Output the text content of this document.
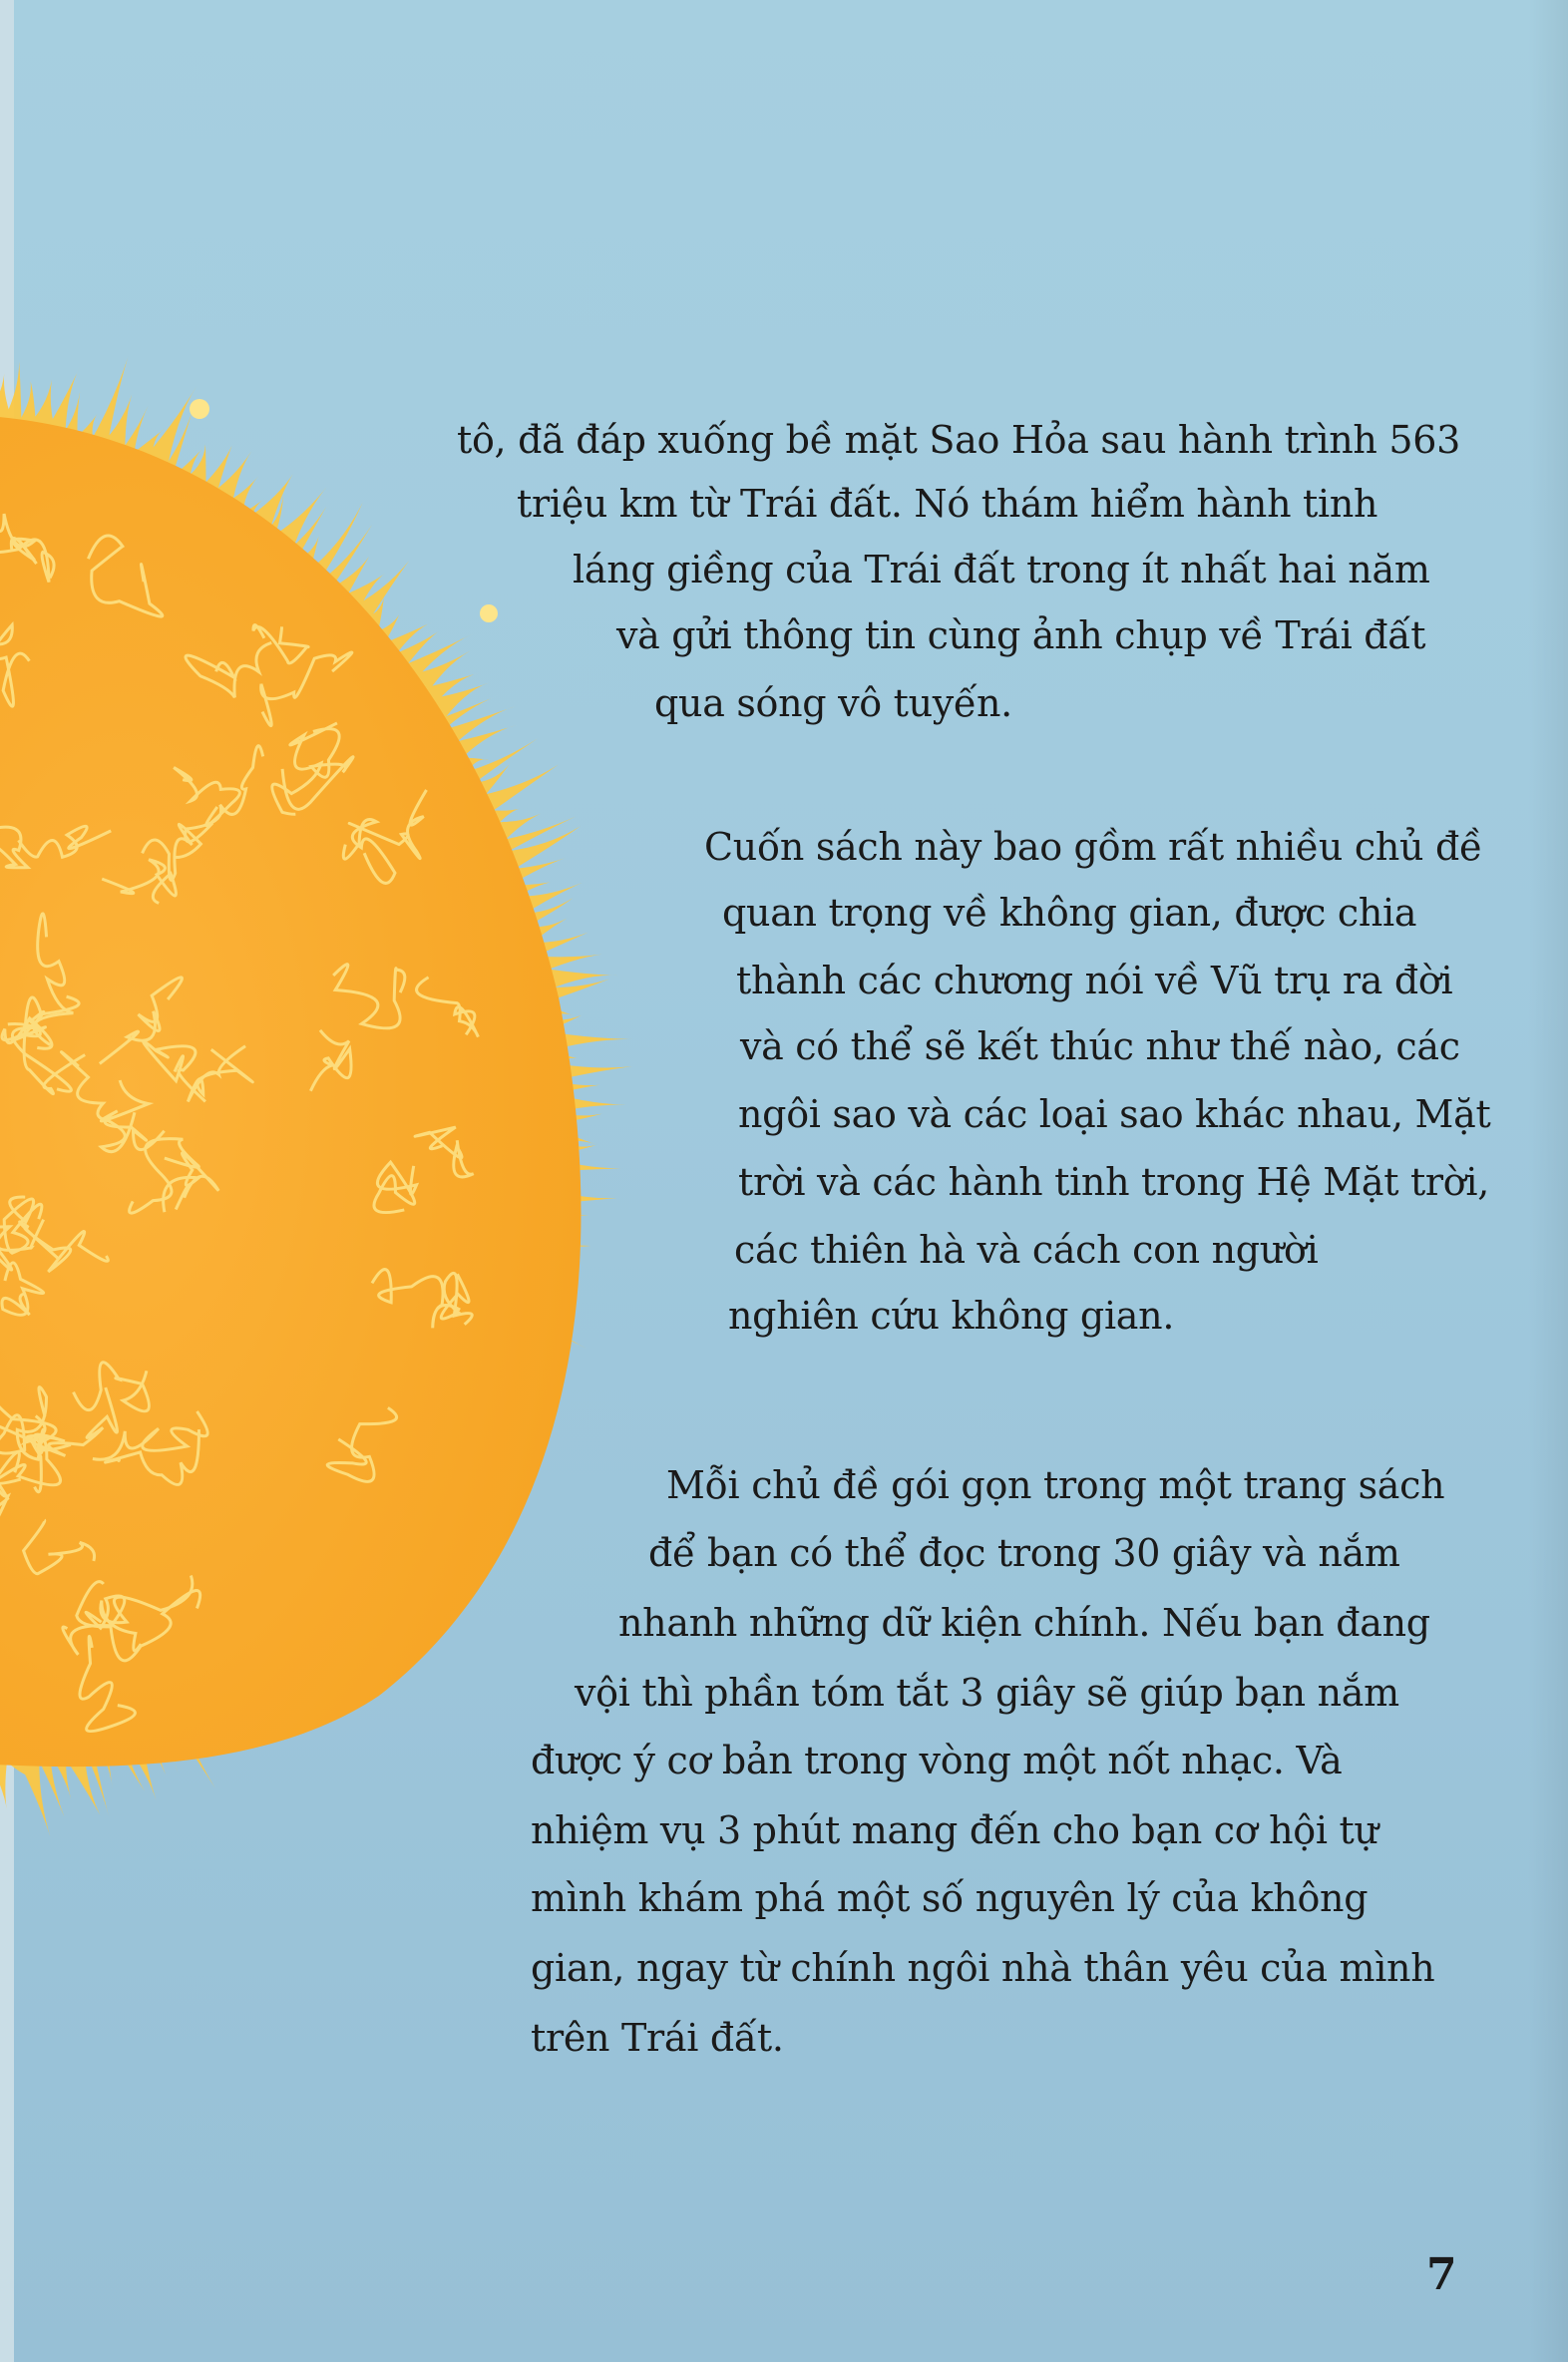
tô, đã đáp xuống bề mặt Sao Hỏa sau hành trình 563

triệu km từ Trái đất. Nó thám hiểm hành tinh

láng giềng của Trái đất trong ít nhất hai năm

và gửi thông tin cùng ảnh chụp về Trái đất

qua sóng vô tuyến.

Cuốn sách này bao gồm rất nhiều chủ đề

quan trọng về không gian, được chia

thành các chương nói về Vũ trụ ra đời

và có thể sẽ kết thúc như thế nào, các

ngôi sao và các loại sao khác nhau, Mặt

trời và các hành tinh trong Hệ Mặt trời,

các thiên hà và cách con người

nghiên cứu không gian.

Mỗi chủ đề gói gọn trong một trang sách

để bạn có thể đọc trong 30 giây và nắm

nhanh những dữ kiện chính. Nếu bạn đang

vội thì phần tóm tắt 3 giây sẽ giúp bạn nắm

được ý cơ bản trong vòng một nốt nhạc. Và

nhiệm vụ 3 phút mang đến cho bạn cơ hội tự

mình khám phá một số nguyên lý của không

gian, ngay từ chính ngôi nhà thân yêu của mình

trên Trái đất.

7
